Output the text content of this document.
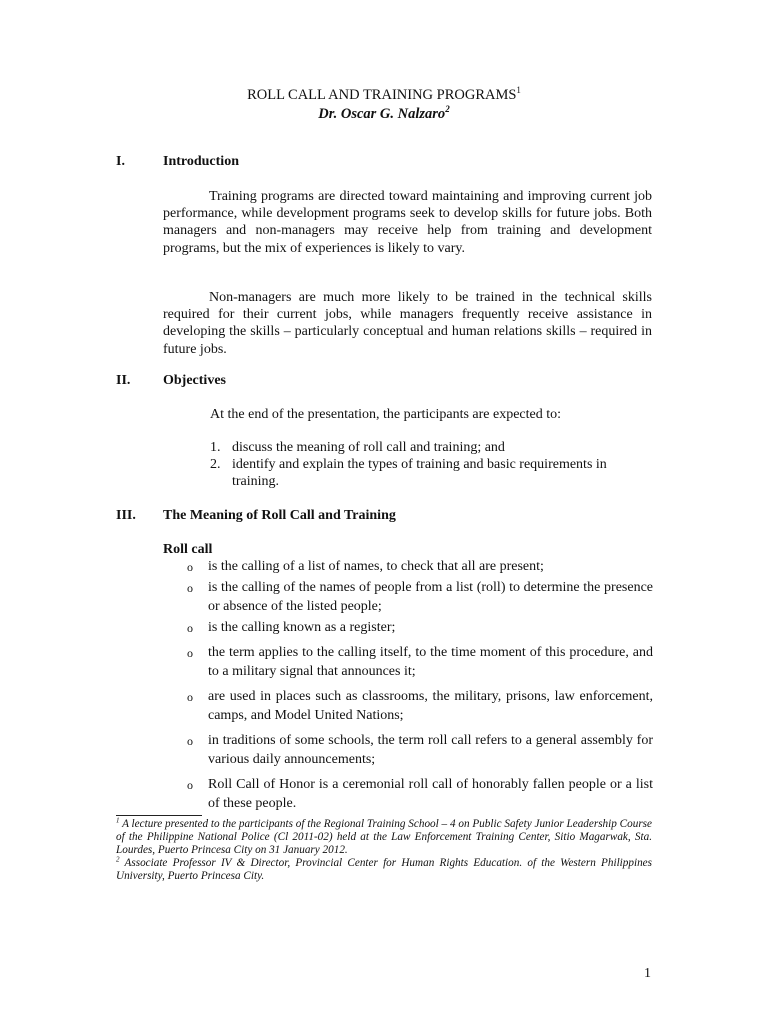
ROLL CALL AND TRAINING PROGRAMS$^1$
Dr. Oscar G. Nalzaro$^2$
I.	Introduction
Training programs are directed toward maintaining and improving current job performance, while development programs seek to develop skills for future jobs. Both managers and non-managers may receive help from training and development programs, but the mix of experiences is likely to vary.
Non-managers are much more likely to be trained in the technical skills required for their current jobs, while managers frequently receive assistance in developing the skills – particularly conceptual and human relations skills – required in future jobs.
II. Objectives
At the end of the presentation, the participants are expected to:
1. discuss the meaning of roll call and training; and
2. identify and explain the types of training and basic requirements in training.
III. The Meaning of Roll Call and Training
Roll call
o is the calling of a list of names, to check that all are present;
o is the calling of the names of people from a list (roll) to determine the presence or absence of the listed people;
o is the calling known as a register;
o the term applies to the calling itself, to the time moment of this procedure, and to a military signal that announces it;
o are used in places such as classrooms, the military, prisons, law enforcement, camps, and Model United Nations;
o in traditions of some schools, the term roll call refers to a general assembly for various daily announcements;
o Roll Call of Honor is a ceremonial roll call of honorably fallen people or a list of these people.

$^1$ A lecture presented to the participants of the Regional Training School – 4 on Public Safety Junior Leadership Course of the Philippine National Police (Cl 2011-02) held at the Law Enforcement Training Center, Sitio Magarwak, Sta. Lourdes, Puerto Princesa City on 31 January 2012.

$^2$ Associate Professor IV & Director, Provincial Center for Human Rights Education. of the Western Philippines University, Puerto Princesa City.

1
